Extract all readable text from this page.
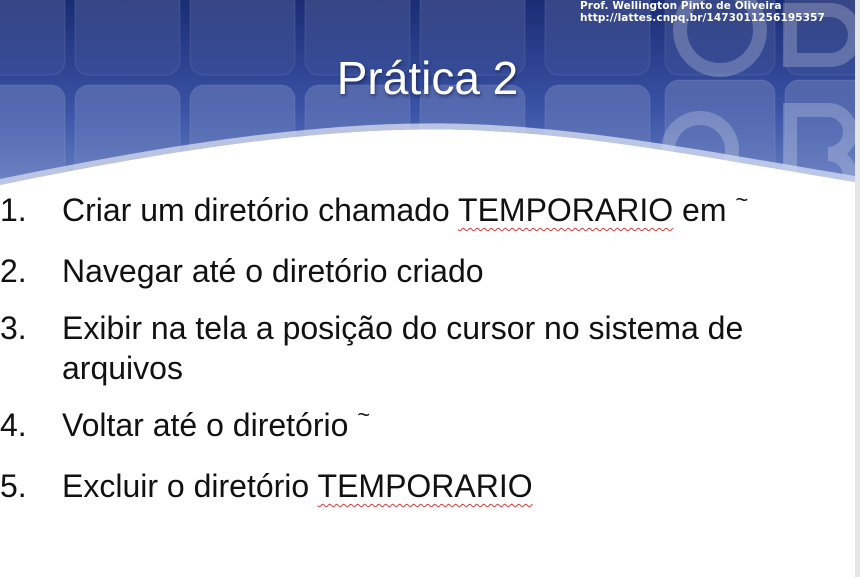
Prof. Wellington Pinto de Oliveira
http://lattes.cnpq.br/1473011256195357
Prática 2
1.	Criar um diretório chamado TEMPORARIO em ~
2.	Navegar até o diretório criado
3.	Exibir na tela a posição do cursor no sistema de arquivos
4.	Voltar até o diretório ~
5.	Excluir o diretório TEMPORARIO
